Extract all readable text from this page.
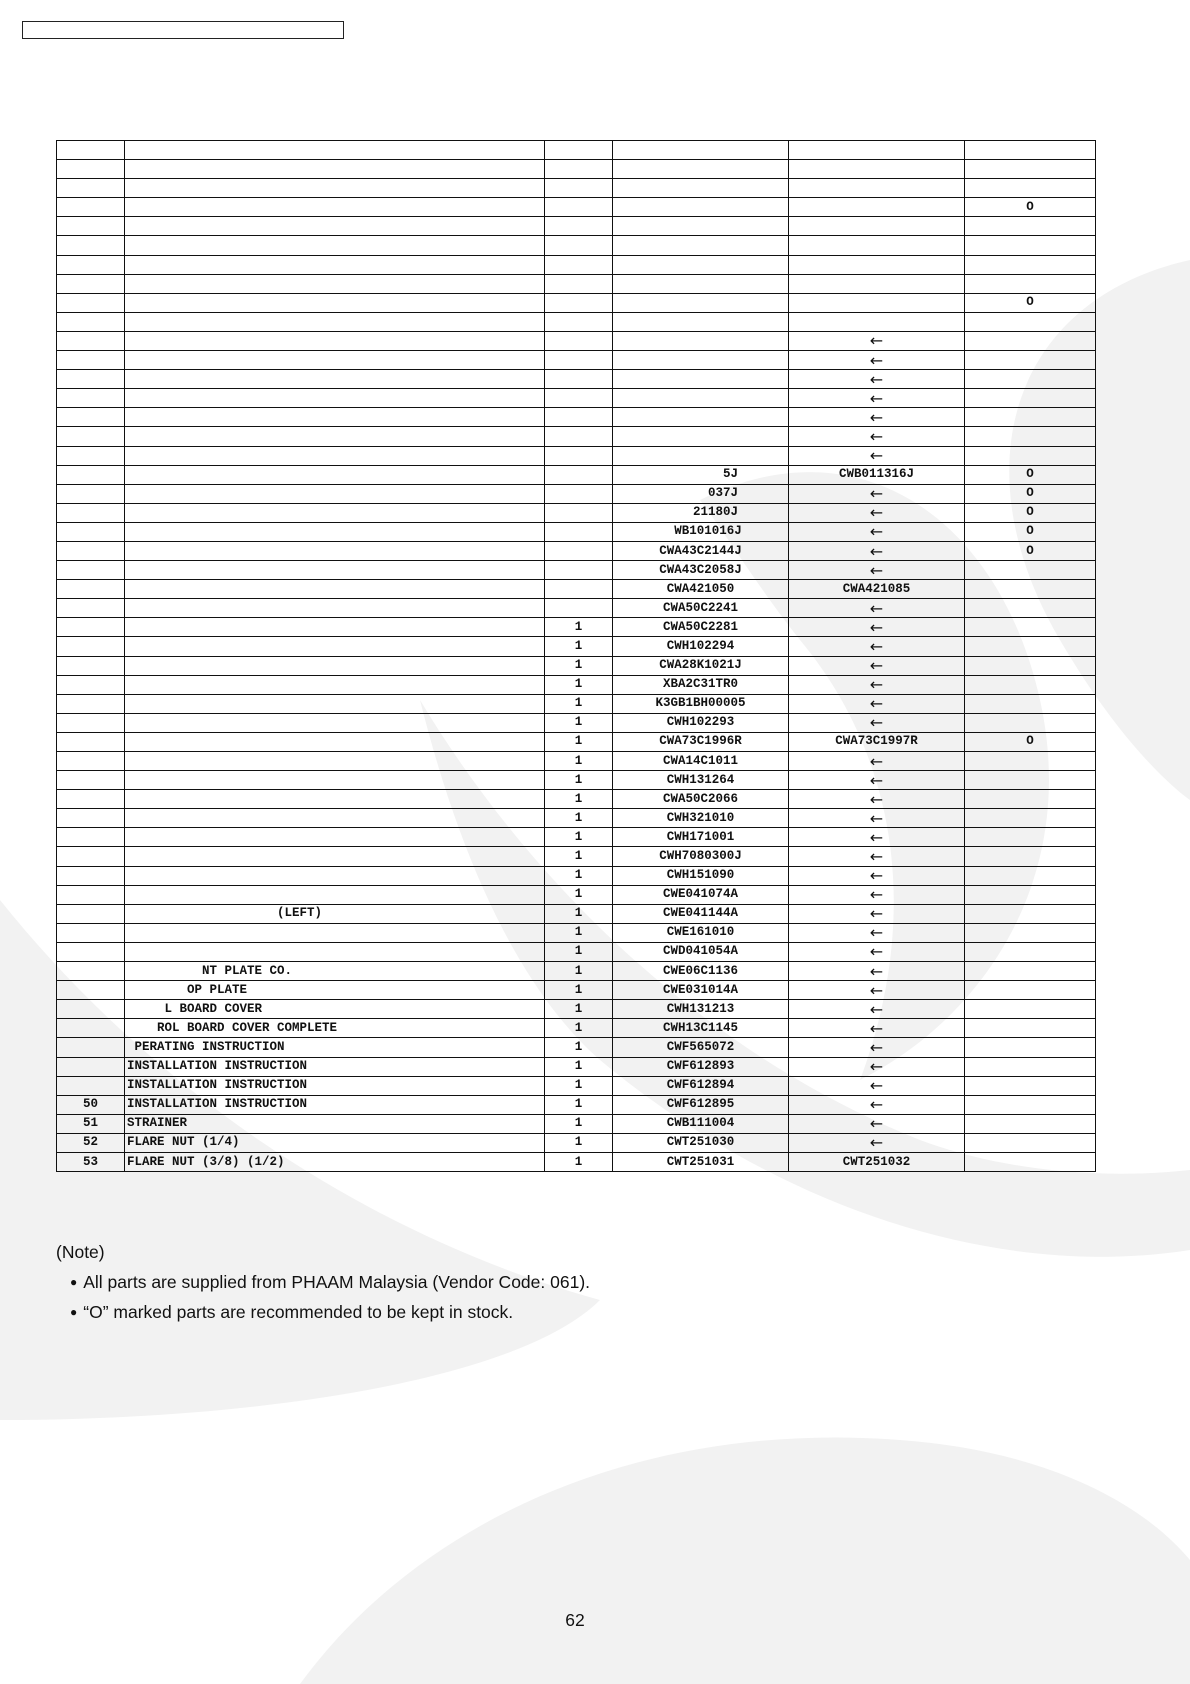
					O

					O

				←	
				←	
				←	
				←	
				←	
				←	
				←	
			5J	CWB011316J	O
			037J	←	O
			21180J	←	O
			WB101016J	←	O
			CWA43C2144J	←	O
			CWA43C2058J	←	
			CWA421050	CWA421085	
			CWA50C2241	←	
		1	CWA50C2281	←	
		1	CWH102294	←	
		1	CWA28K1021J	←	
		1	XBA2C31TR0	←	
		1	K3GB1BH00005	←	
		1	CWH102293	←	
		1	CWA73C1996R	CWA73C1997R	O
		1	CWA14C1011	←	
		1	CWH131264	←	
		1	CWA50C2066	←	
		1	CWH321010	←	
		1	CWH171001	←	
		1	CWH7080300J	←	
		1	CWH151090	←	
		1	CWE041074A	←	
	(LEFT)	1	CWE041144A	←	
		1	CWE161010	←	
		1	CWD041054A	←	
	NT PLATE CO.	1	CWE06C1136	←	
	OP PLATE	1	CWE031014A	←	
	L BOARD COVER	1	CWH131213	←	
	ROL BOARD COVER COMPLETE	1	CWH13C1145	←	
	PERATING INSTRUCTION	1	CWF565072	←	
	INSTALLATION INSTRUCTION	1	CWF612893	←	
	INSTALLATION INSTRUCTION	1	CWF612894	←	
50	INSTALLATION INSTRUCTION	1	CWF612895	←	
51	STRAINER	1	CWB111004	←	
52	FLARE NUT (1/4)	1	CWT251030	←	
53	FLARE NUT (3/8) (1/2)	1	CWT251031	CWT251032	
(Note)
● All parts are supplied from PHAAM Malaysia (Vendor Code: 061).
● “O” marked parts are recommended to be kept in stock.
62
